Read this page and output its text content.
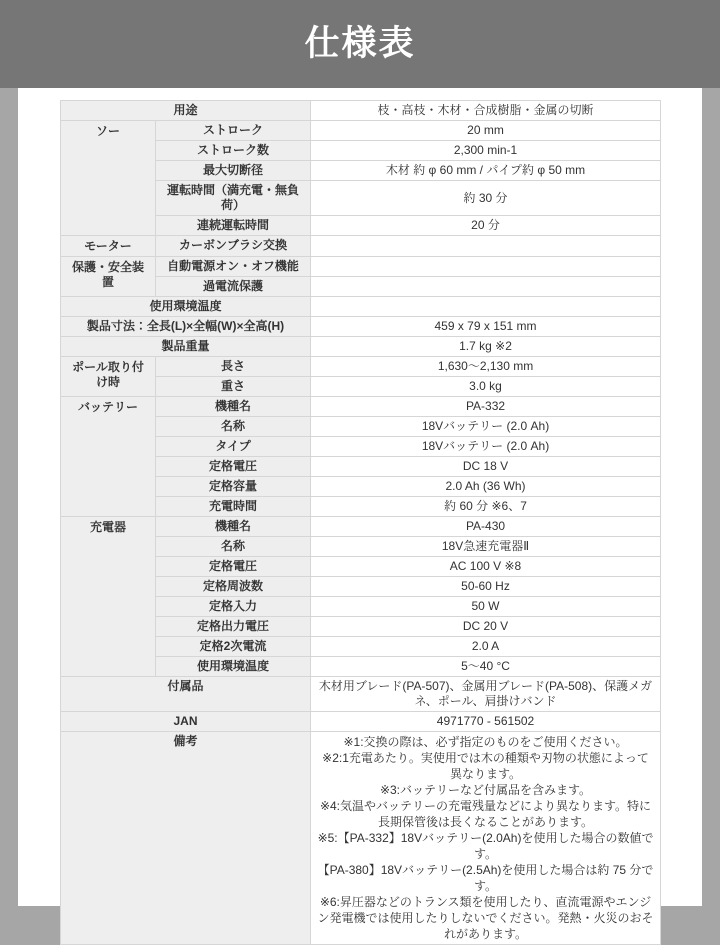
仕様表
用途		枝・高枝・木材・合成樹脂・金属の切断
ソー	ストローク	20 mm
	ストローク数	2,300 min-1
	最大切断径	木材 約 φ 60 mm / パイプ約 φ 50 mm
	運転時間（満充電・無負荷）	約 30 分
	連続運転時間	20 分
モーター	カーボンブラシ交換	
保護・安全装置	自動電源オン・オフ機能	
	過電流保護	
使用環境温度		
製品寸法：全長(L)×全幅(W)×全高(H)		459 x 79 x 151 mm
製品重量		1.7 kg ※2
ポール取り付け時	長さ	1,630～2,130 mm
	重さ	3.0 kg
バッテリー	機種名	PA-332
	名称	18Vバッテリー (2.0 Ah)
	タイプ	18Vバッテリー (2.0 Ah)
	定格電圧	DC 18 V
	定格容量	2.0 Ah (36 Wh)
	充電時間	約 60 分 ※6、7
充電器	機種名	PA-430
	名称	18V急速充電器Ⅱ
	定格電圧	AC 100 V ※8
	定格周波数	50-60 Hz
	定格入力	50 W
	定格出力電圧	DC 20 V
	定格2次電流	2.0 A
	使用環境温度	5～40 °C
付属品		木材用ブレード(PA-507)、金属用ブレード(PA-508)、保護メガネ、ポール、肩掛けバンド
JAN		4971770 - 561502
備考	※1:交換の際は、必ず指定のものをご使用ください。
※2:1充電あたり。実使用では木の種類や刃物の状態によって異なります。
※3:バッテリーなど付属品を含みます。
※4:気温やバッテリーの充電残量などにより異なります。特に長期保管後は長くなることがあります。
※5:【PA-332】18Vバッテリー(2.0Ah)を使用した場合の数値です。
【PA-380】18Vバッテリー(2.5Ah)を使用した場合は約 75 分です。
※6:昇圧器などのトランス類を使用したり、直流電源やエンジン発電機では使用したりしないでください。発熱・火災のおそれがあります。
